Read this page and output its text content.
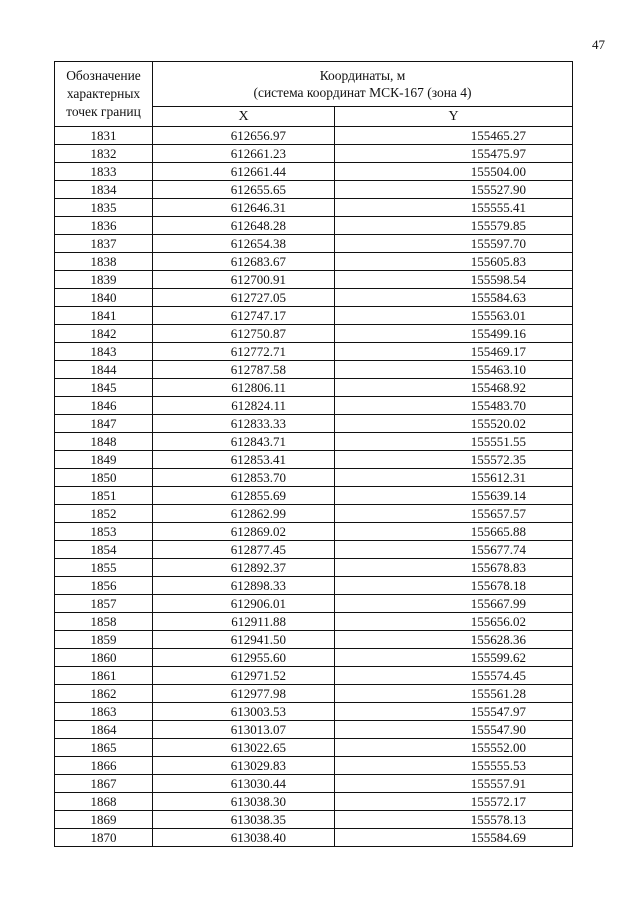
47
Обозначение
характерных
точек границ	Координаты, м
(система координат МСК-167 (зона 4)	
	X	Y
1831	612656.97	155465.27
1832	612661.23	155475.97
1833	612661.44	155504.00
1834	612655.65	155527.90
1835	612646.31	155555.41
1836	612648.28	155579.85
1837	612654.38	155597.70
1838	612683.67	155605.83
1839	612700.91	155598.54
1840	612727.05	155584.63
1841	612747.17	155563.01
1842	612750.87	155499.16
1843	612772.71	155469.17
1844	612787.58	155463.10
1845	612806.11	155468.92
1846	612824.11	155483.70
1847	612833.33	155520.02
1848	612843.71	155551.55
1849	612853.41	155572.35
1850	612853.70	155612.31
1851	612855.69	155639.14
1852	612862.99	155657.57
1853	612869.02	155665.88
1854	612877.45	155677.74
1855	612892.37	155678.83
1856	612898.33	155678.18
1857	612906.01	155667.99
1858	612911.88	155656.02
1859	612941.50	155628.36
1860	612955.60	155599.62
1861	612971.52	155574.45
1862	612977.98	155561.28
1863	613003.53	155547.97
1864	613013.07	155547.90
1865	613022.65	155552.00
1866	613029.83	155555.53
1867	613030.44	155557.91
1868	613038.30	155572.17
1869	613038.35	155578.13
1870	613038.40	155584.69
